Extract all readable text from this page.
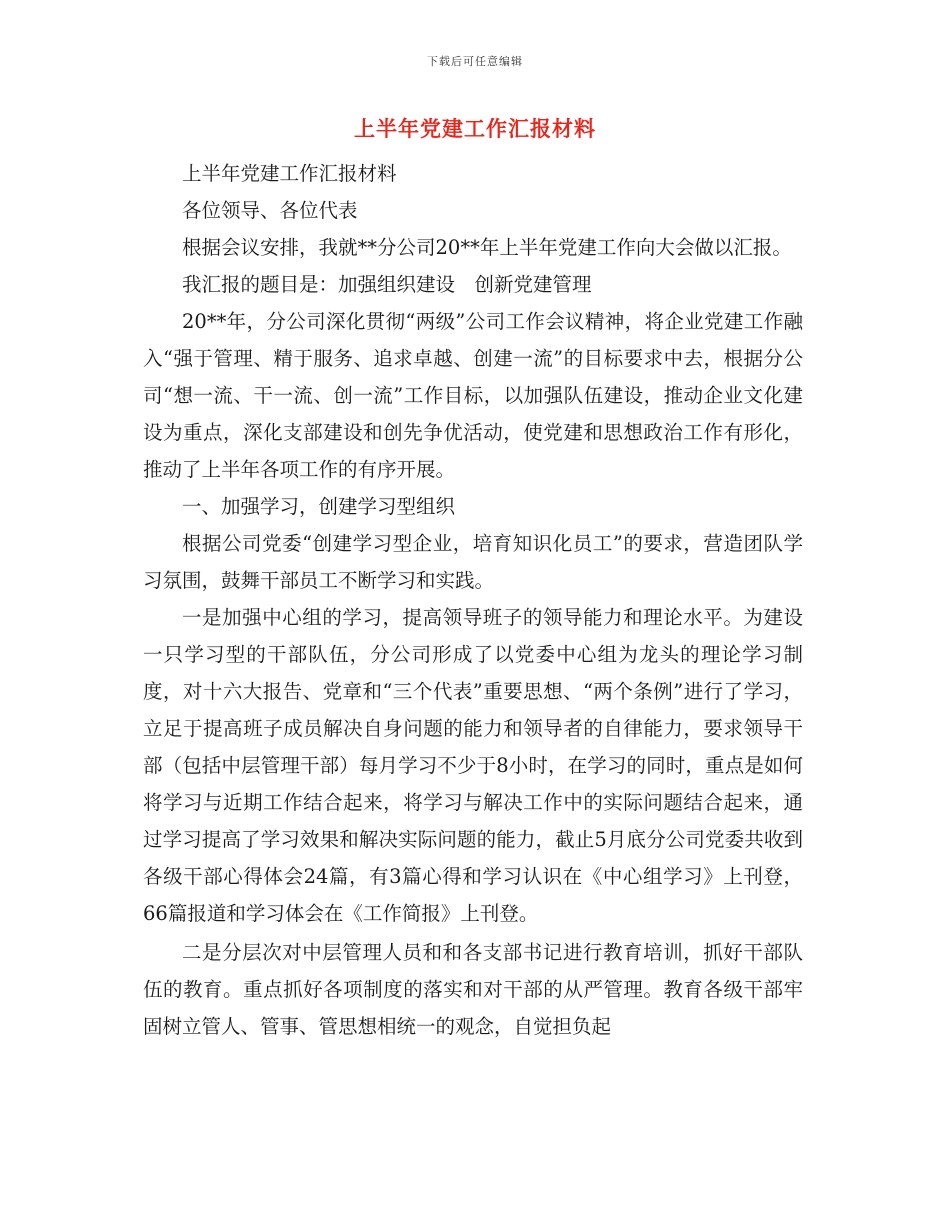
下载后可任意编辑
上半年党建工作汇报材料

上半年党建工作汇报材料

各位领导、各位代表

根据会议安排，我就**分公司20**年上半年党建工作向大会做以汇报。

我汇报的题目是：加强组织建设　创新党建管理

20**年，分公司深化贯彻“两级”公司工作会议精神，将企业党建工作融入“强于管理、精于服务、追求卓越、创建一流”的目标要求中去，根据分公司“想一流、干一流、创一流”工作目标，以加强队伍建设，推动企业文化建设为重点，深化支部建设和创先争优活动，使党建和思想政治工作有形化，推动了上半年各项工作的有序开展。

一、加强学习，创建学习型组织

根据公司党委“创建学习型企业，培育知识化员工”的要求，营造团队学习氛围，鼓舞干部员工不断学习和实践。

一是加强中心组的学习，提高领导班子的领导能力和理论水平。为建设一只学习型的干部队伍，分公司形成了以党委中心组为龙头的理论学习制度，对十六大报告、党章和“三个代表”重要思想、“两个条例”进行了学习，立足于提高班子成员解决自身问题的能力和领导者的自律能力，要求领导干部（包括中层管理干部）每月学习不少于8小时，在学习的同时，重点是如何将学习与近期工作结合起来，将学习与解决工作中的实际问题结合起来，通过学习提高了学习效果和解决实际问题的能力，截止5月底分公司党委共收到各级干部心得体会24篇，有3篇心得和学习认识在《中心组学习》上刊登，66篇报道和学习体会在《工作简报》上刊登。

二是分层次对中层管理人员和和各支部书记进行教育培训，抓好干部队伍的教育。重点抓好各项制度的落实和对干部的从严管理。教育各级干部牢固树立管人、管事、管思想相统一的观念，自觉担负起
